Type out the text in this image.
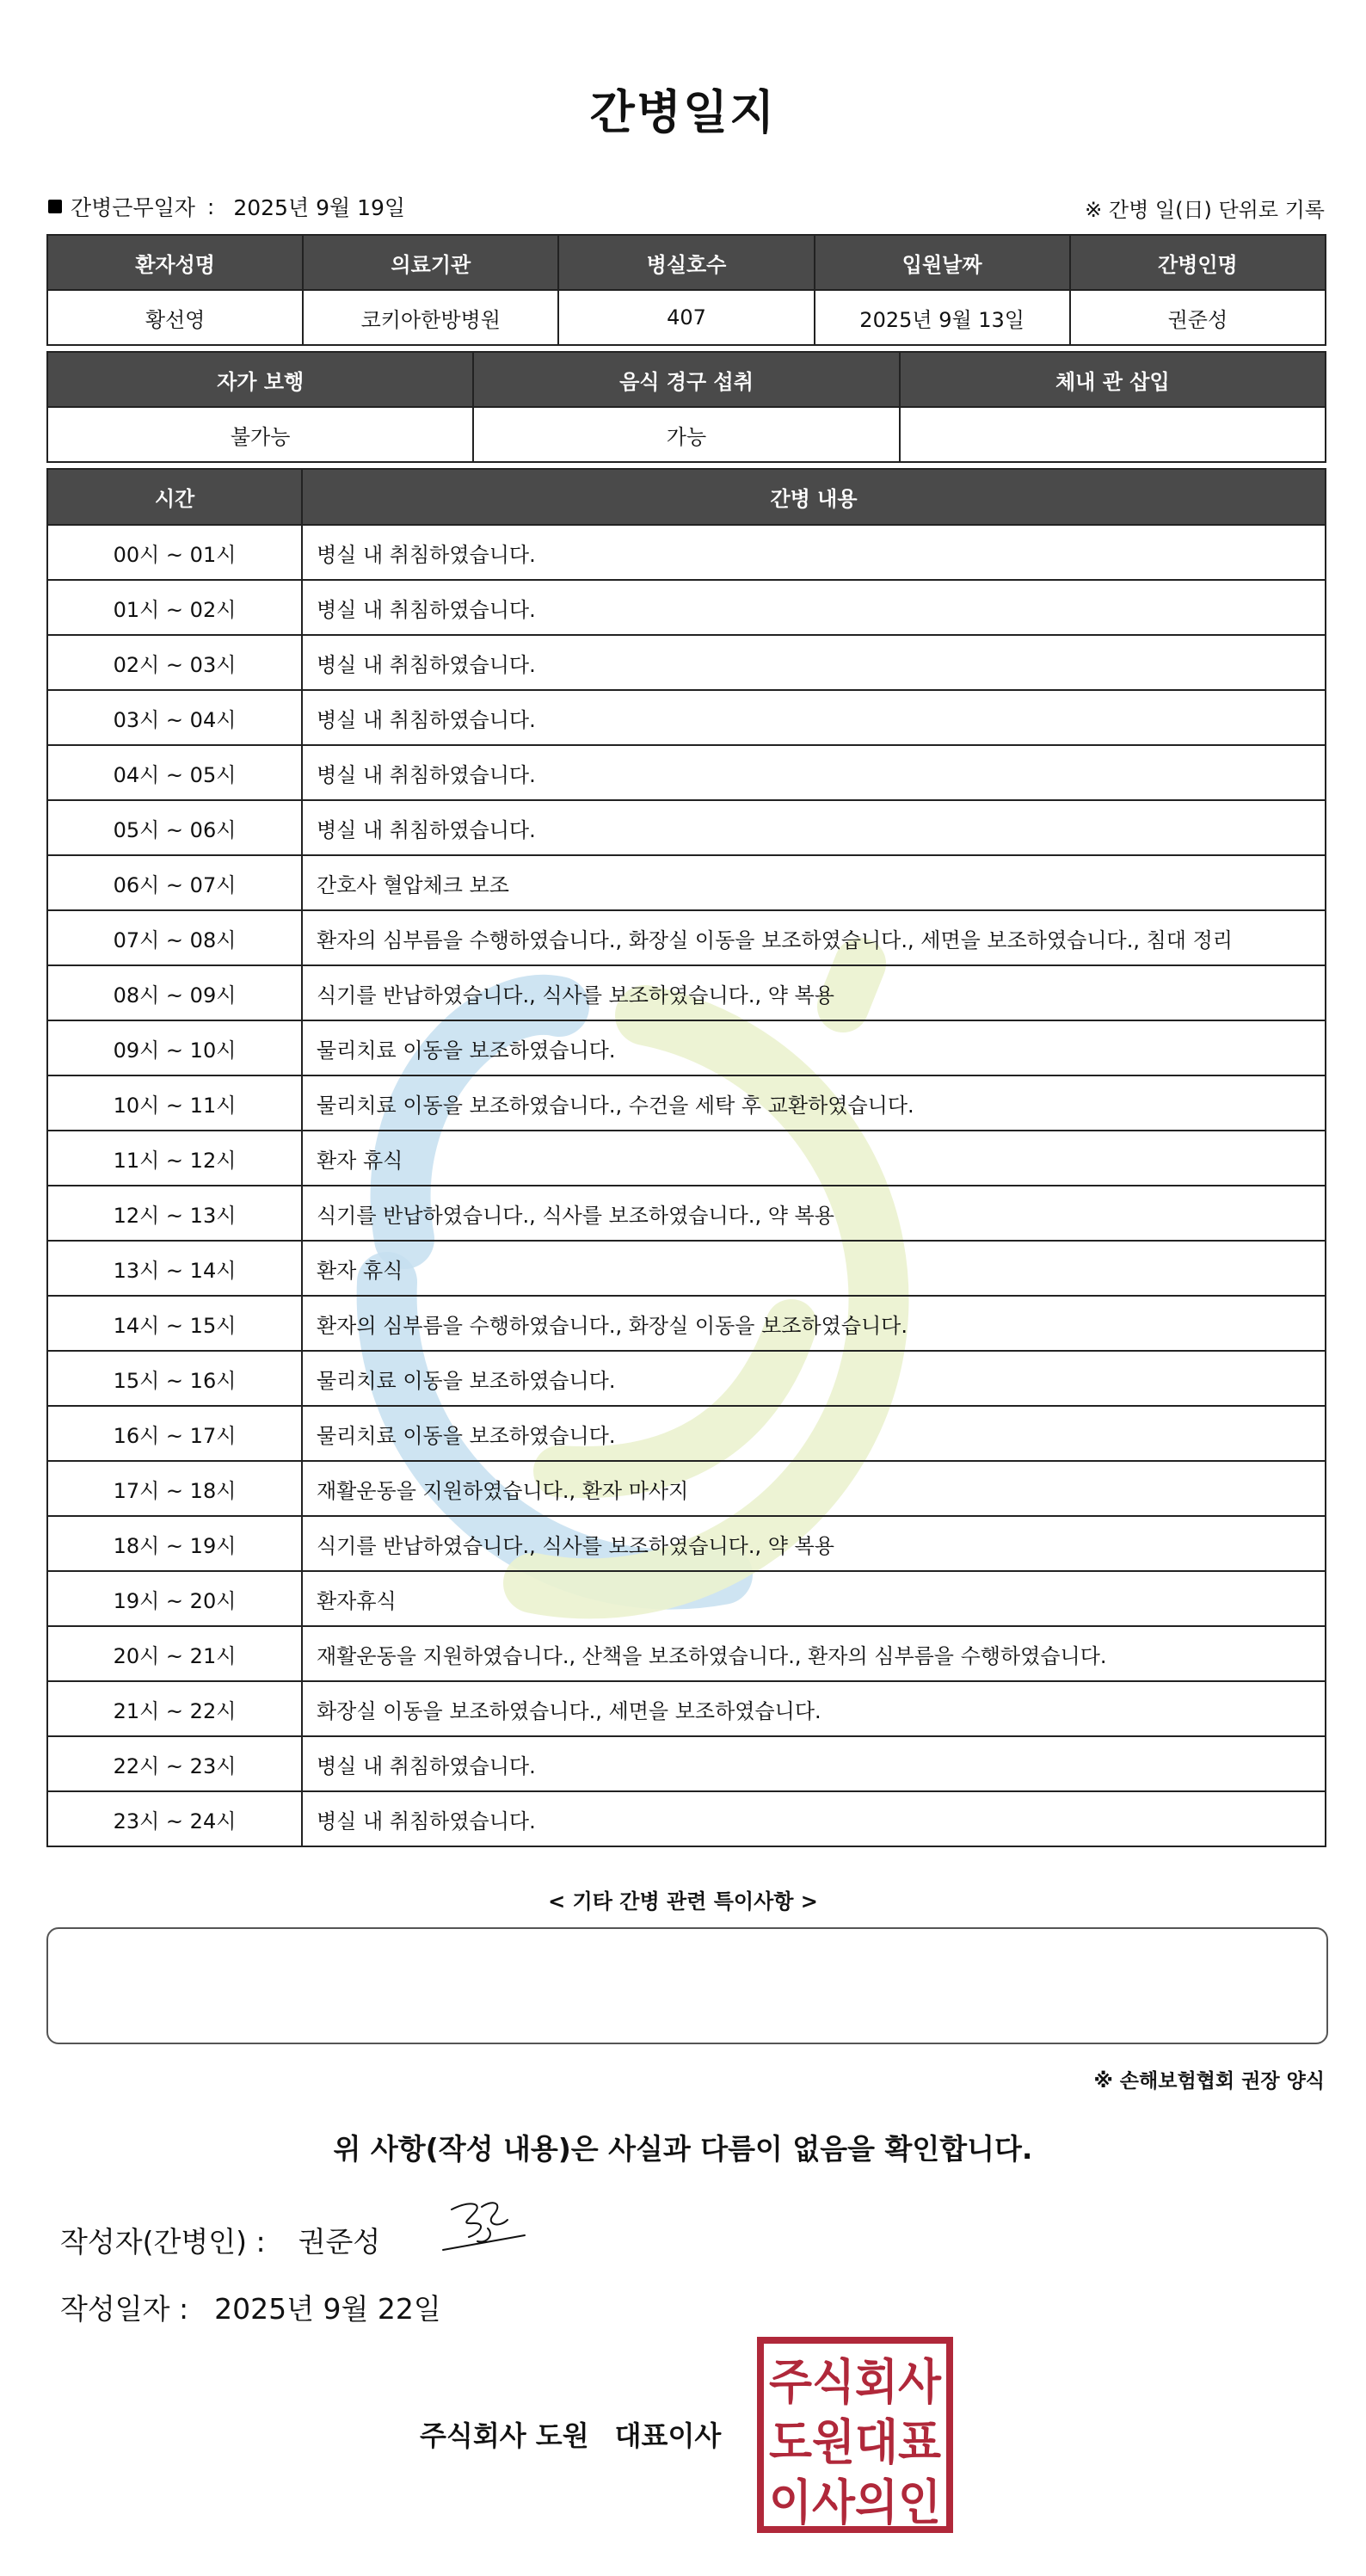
간병일지
간병근무일자 : 2025년 9월 19일	※ 간병 일(日) 단위로 기록
환자성명	의료기관	병실호수	입원날짜	간병인명
황선영	코키아한방병원	407	2025년 9월 13일	권준성
자가 보행	음식 경구 섭취	체내 관 삽입
불가능	가능	
시간	간병 내용
00시 ~ 01시	병실 내 취침하였습니다.
01시 ~ 02시	병실 내 취침하였습니다.
02시 ~ 03시	병실 내 취침하였습니다.
03시 ~ 04시	병실 내 취침하였습니다.
04시 ~ 05시	병실 내 취침하였습니다.
05시 ~ 06시	병실 내 취침하였습니다.
06시 ~ 07시	간호사 혈압체크 보조
07시 ~ 08시	환자의 심부름을 수행하였습니다., 화장실 이동을 보조하였습니다., 세면을 보조하였습니다., 침대 정리
08시 ~ 09시	식기를 반납하였습니다., 식사를 보조하였습니다., 약 복용
09시 ~ 10시	물리치료 이동을 보조하였습니다.
10시 ~ 11시	물리치료 이동을 보조하였습니다., 수건을 세탁 후 교환하였습니다.
11시 ~ 12시	환자 휴식
12시 ~ 13시	식기를 반납하였습니다., 식사를 보조하였습니다., 약 복용
13시 ~ 14시	환자 휴식
14시 ~ 15시	환자의 심부름을 수행하였습니다., 화장실 이동을 보조하였습니다.
15시 ~ 16시	물리치료 이동을 보조하였습니다.
16시 ~ 17시	물리치료 이동을 보조하였습니다.
17시 ~ 18시	재활운동을 지원하였습니다., 환자 마사지
18시 ~ 19시	식기를 반납하였습니다., 식사를 보조하였습니다., 약 복용
19시 ~ 20시	환자휴식
20시 ~ 21시	재활운동을 지원하였습니다., 산책을 보조하였습니다., 환자의 심부름을 수행하였습니다.
21시 ~ 22시	화장실 이동을 보조하였습니다., 세면을 보조하였습니다.
22시 ~ 23시	병실 내 취침하였습니다.
23시 ~ 24시	병실 내 취침하였습니다.
< 기타 간병 관련 특이사항 >
※ 손해보험협회 권장 양식
위 사항(작성 내용)은 사실과 다름이 없음을 확인합니다.
작성자(간병인) : 권준성
작성일자 : 2025년 9월 22일
주식회사 도원 대표이사
주식회사
도원대표
이사의인
